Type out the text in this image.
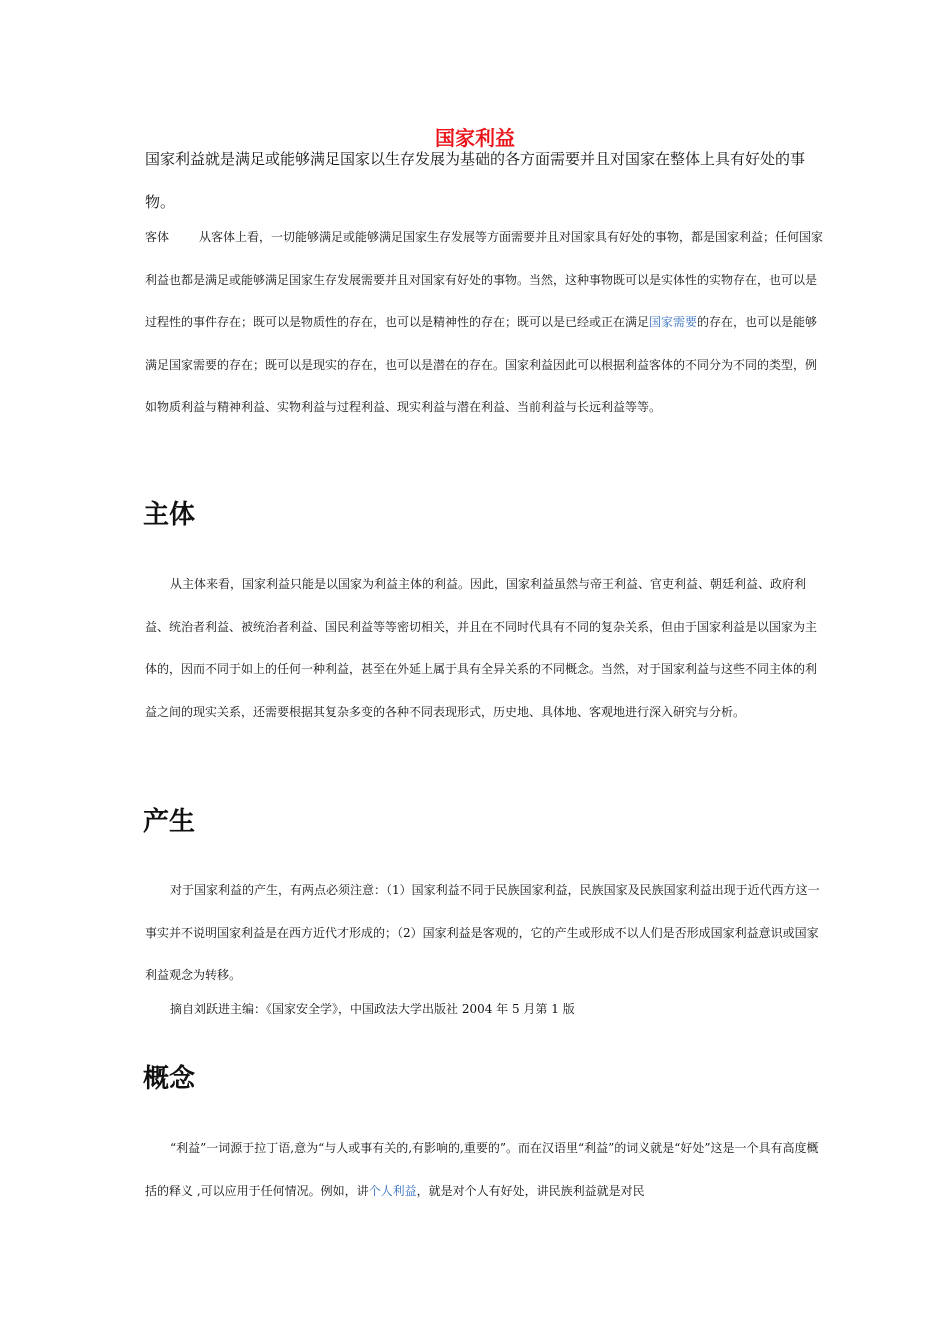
国家利益
国家利益就是满足或能够满足国家以生存发展为基础的各方面需要并且对国家在整体上具有好处的事物。
客体 从客体上看，一切能够满足或能够满足国家生存发展等方面需要并且对国家具有好处的事物，都是国家利益；任何国家利益也都是满足或能够满足国家生存发展需要并且对国家有好处的事物。当然，这种事物既可以是实体性的实物存在，也可以是过程性的事件存在；既可以是物质性的存在，也可以是精神性的存在；既可以是已经或正在满足国家需要的存在，也可以是能够满足国家需要的存在；既可以是现实的存在，也可以是潜在的存在。国家利益因此可以根据利益客体的不同分为不同的类型，例如物质利益与精神利益、实物利益与过程利益、现实利益与潜在利益、当前利益与长远利益等等。
主体
从主体来看，国家利益只能是以国家为利益主体的利益。因此，国家利益虽然与帝王利益、官吏利益、朝廷利益、政府利益、统治者利益、被统治者利益、国民利益等等密切相关，并且在不同时代具有不同的复杂关系，但由于国家利益是以国家为主体的，因而不同于如上的任何一种利益，甚至在外延上属于具有全异关系的不同概念。当然，对于国家利益与这些不同主体的利益之间的现实关系，还需要根据其复杂多变的各种不同表现形式，历史地、具体地、客观地进行深入研究与分析。
产生
对于国家利益的产生，有两点必须注意：（1）国家利益不同于民族国家利益，民族国家及民族国家利益出现于近代西方这一事实并不说明国家利益是在西方近代才形成的；（2）国家利益是客观的，它的产生或形成不以人们是否形成国家利益意识或国家利益观念为转移。
摘自刘跃进主编：《国家安全学》，中国政法大学出版社 2004 年 5 月第 1 版
概念
“利益”一词源于拉丁语,意为“与人或事有关的,有影响的,重要的”。而在汉语里“利益”的词义就是“好处”这是一个具有高度概括的释义 ,可以应用于任何情况。例如，讲个人利益，就是对个人有好处，讲民族利益就是对民
